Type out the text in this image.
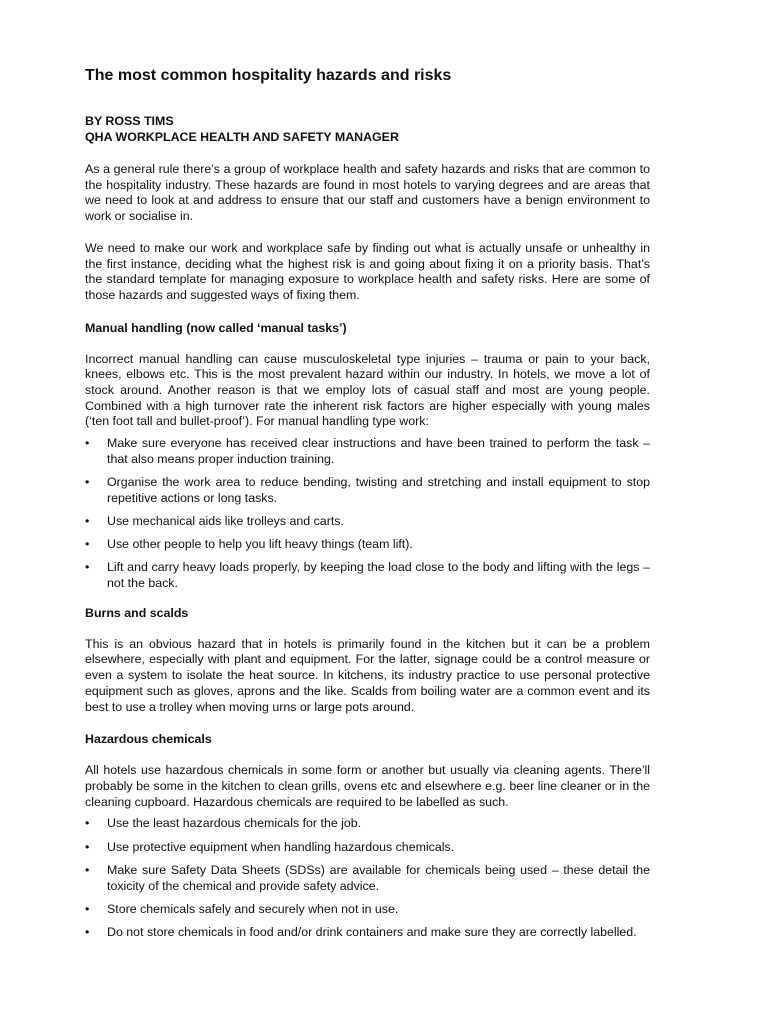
The most common hospitality hazards and risks
BY ROSS TIMS
QHA WORKPLACE HEALTH AND SAFETY MANAGER

As a general rule there’s a group of workplace health and safety hazards and risks that are common to the hospitality industry. These hazards are found in most hotels to varying degrees and are areas that we need to look at and address to ensure that our staff and customers have a benign environment to work or socialise in.

We need to make our work and workplace safe by finding out what is actually unsafe or unhealthy in the first instance, deciding what the highest risk is and going about fixing it on a priority basis. That’s the standard template for managing exposure to workplace health and safety risks. Here are some of those hazards and suggested ways of fixing them.

Manual handling (now called ‘manual tasks’)

Incorrect manual handling can cause musculoskeletal type injuries – trauma or pain to your back, knees, elbows etc. This is the most prevalent hazard within our industry. In hotels, we move a lot of stock around. Another reason is that we employ lots of casual staff and most are young people. Combined with a high turnover rate the inherent risk factors are higher especially with young males (‘ten foot tall and bullet-proof’). For manual handling type work:

•	Make sure everyone has received clear instructions and have been trained to perform the task – that also means proper induction training.
•	Organise the work area to reduce bending, twisting and stretching and install equipment to stop repetitive actions or long tasks.
•	Use mechanical aids like trolleys and carts.
•	Use other people to help you lift heavy things (team lift).
•	Lift and carry heavy loads properly, by keeping the load close to the body and lifting with the legs – not the back.
Burns and scalds

This is an obvious hazard that in hotels is primarily found in the kitchen but it can be a problem elsewhere, especially with plant and equipment. For the latter, signage could be a control measure or even a system to isolate the heat source. In kitchens, its industry practice to use personal protective equipment such as gloves, aprons and the like. Scalds from boiling water are a common event and its best to use a trolley when moving urns or large pots around.

Hazardous chemicals

All hotels use hazardous chemicals in some form or another but usually via cleaning agents. There’ll probably be some in the kitchen to clean grills, ovens etc and elsewhere e.g. beer line cleaner or in the cleaning cupboard. Hazardous chemicals are required to be labelled as such.

•	Use the least hazardous chemicals for the job.
•	Use protective equipment when handling hazardous chemicals.
•	Make sure Safety Data Sheets (SDSs) are available for chemicals being used – these detail the toxicity of the chemical and provide safety advice.
•	Store chemicals safely and securely when not in use.
•	Do not store chemicals in food and/or drink containers and make sure they are correctly labelled.
